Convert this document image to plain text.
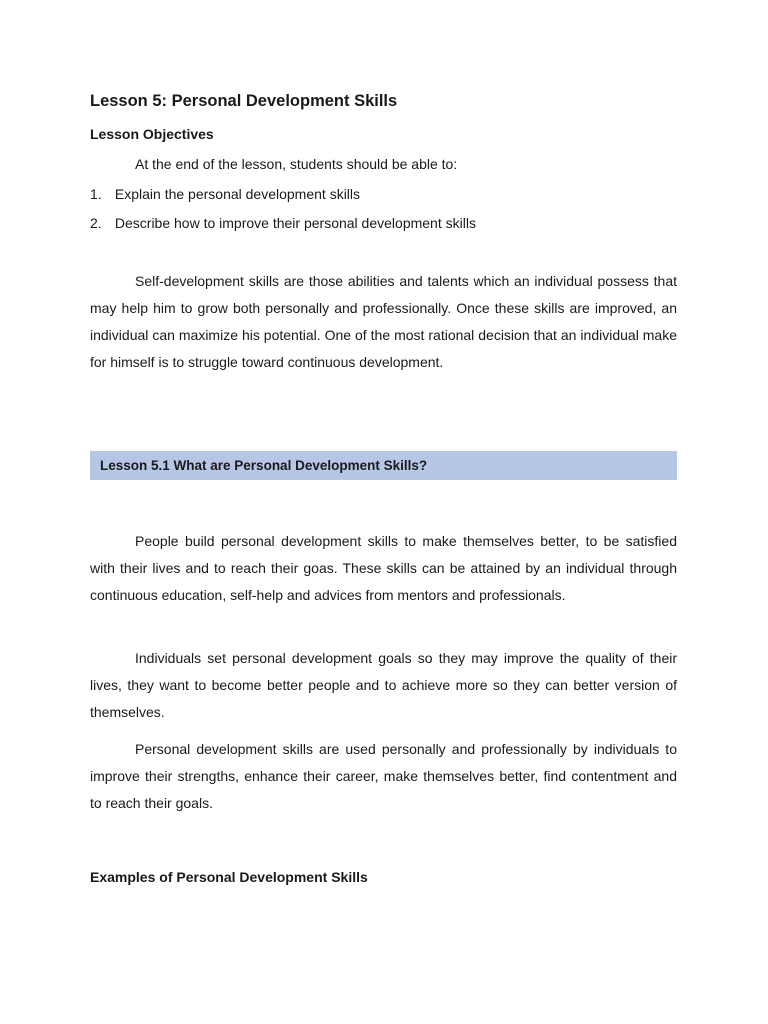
Lesson 5: Personal Development Skills
Lesson Objectives
At the end of the lesson, students should be able to:
1. Explain the personal development skills
2. Describe how to improve their personal development skills

Self-development skills are those abilities and talents which an individual possess that may help him to grow both personally and professionally. Once these skills are improved, an individual can maximize his potential. One of the most rational decision that an individual make for himself is to struggle toward continuous development.

Lesson 5.1 What are Personal Development Skills?

People build personal development skills to make themselves better, to be satisfied with their lives and to reach their goas. These skills can be attained by an individual through continuous education, self-help and advices from mentors and professionals.

Individuals set personal development goals so they may improve the quality of their lives, they want to become better people and to achieve more so they can better version of themselves.

Personal development skills are used personally and professionally by individuals to improve their strengths, enhance their career, make themselves better, find contentment and to reach their goals.

Examples of Personal Development Skills
